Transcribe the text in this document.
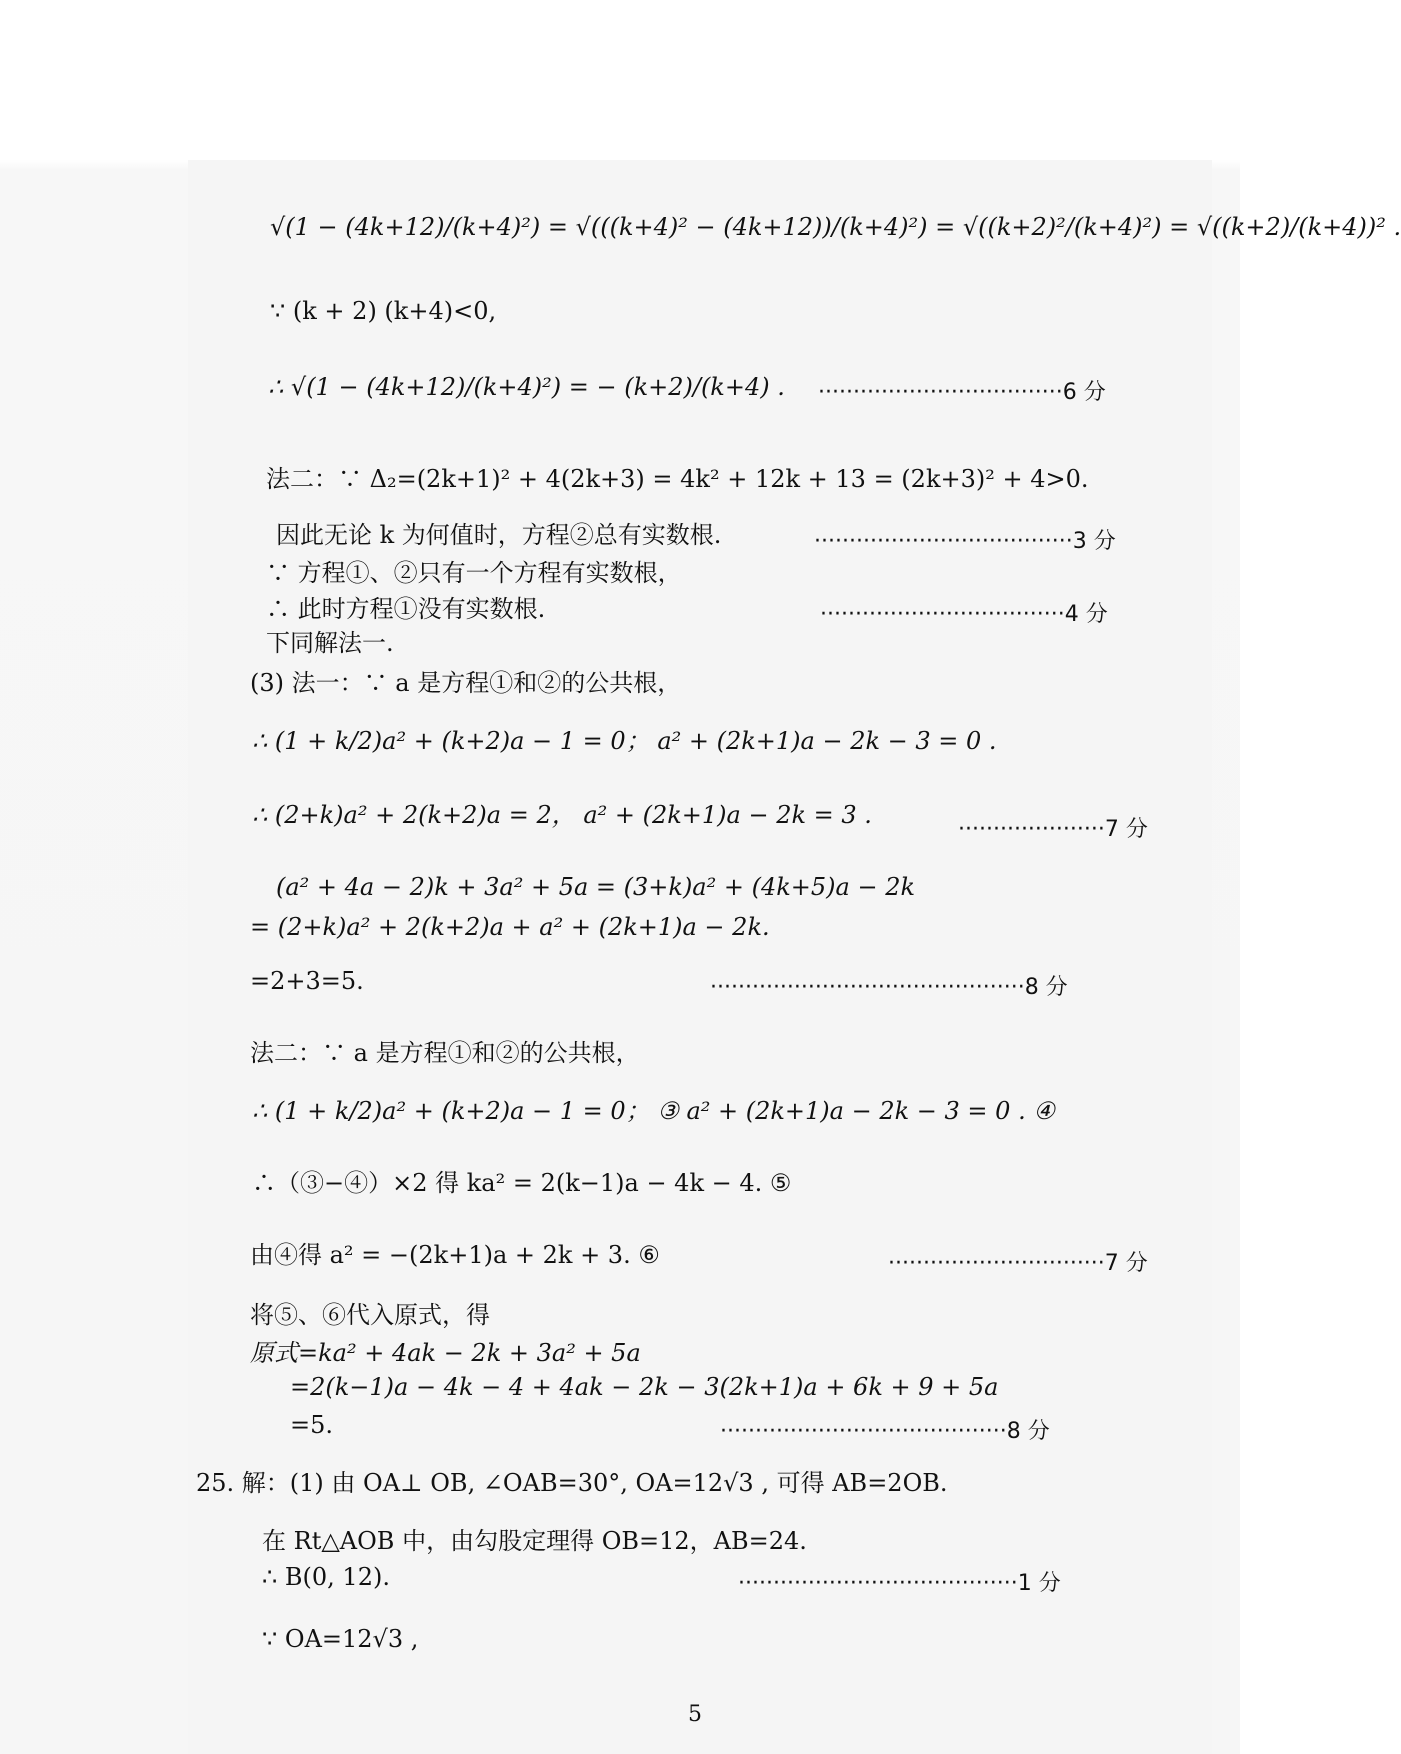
√(1 − (4k+12)/(k+4)²) = √(((k+4)² − (4k+12))/(k+4)²) = √((k+2)²/(k+4)²) = √((k+2)/(k+4))² .
∵ (k + 2) (k+4)<0,
∴ √(1 − (4k+12)/(k+4)²) = − (k+2)/(k+4) . ···································6 分
法二：∵ Δ₂=(2k+1)² + 4(2k+3) = 4k² + 12k + 13 = (2k+3)² + 4>0.
因此无论 k 为何值时，方程②总有实数根.	·····································3 分
∵ 方程①、②只有一个方程有实数根，
∴ 此时方程①没有实数根.	···································4 分
下同解法一.
(3) 法一：∵ a 是方程①和②的公共根，
∴ (1 + k/2)a² + (k+2)a − 1 = 0； a² + (2k+1)a − 2k − 3 = 0 .
∴ (2+k)a² + 2(k+2)a = 2， a² + (2k+1)a − 2k = 3 .
·····················7 分
(a² + 4a − 2)k + 3a² + 5a = (3+k)a² + (4k+5)a − 2k
= (2+k)a² + 2(k+2)a + a² + (2k+1)a − 2k.
=2+3=5.	·············································8 分
法二：∵ a 是方程①和②的公共根，
∴ (1 + k/2)a² + (k+2)a − 1 = 0； ③ a² + (2k+1)a − 2k − 3 = 0 . ④
∴（③−④）×2 得 ka² = 2(k−1)a − 4k − 4. ⑤
由④得 a² = −(2k+1)a + 2k + 3. ⑥	·······························7 分
将⑤、⑥代入原式，得
原式=ka² + 4ak − 2k + 3a² + 5a
=2(k−1)a − 4k − 4 + 4ak − 2k − 3(2k+1)a + 6k + 9 + 5a
=5.	·········································8 分
25. 解：(1) 由 OA⊥ OB, ∠OAB=30°, OA=12√3 , 可得 AB=2OB.
在 Rt△AOB 中，由勾股定理得 OB=12，AB=24.
∴ B(0, 12).	········································1 分
∵ OA=12√3 ,
5
